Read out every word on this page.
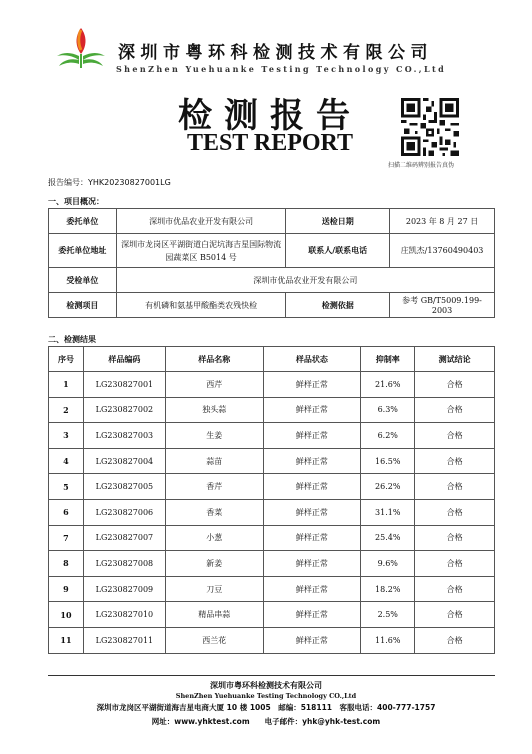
深圳市粤环科检测技术有限公司
ShenZhen Yuehuanke Testing Technology CO.,Ltd
检测报告
TEST REPORT
扫描二维码辨别报告真伪
报告编号：YHK20230827001LG
一、项目概况：
委托单位	深圳市优品农业开发有限公司	送检日期	2023 年 8 月 27 日
委托单位地址	深圳市龙岗区平湖街道白泥坑海吉星国际物流园蔬菜区 B5014 号	联系人/联系电话	庄凯杰/13760490403
受检单位	深圳市优品农业开发有限公司		
检测项目	有机磷和氨基甲酸酯类农残快检	检测依据	参考 GB/T5009.199-2003
二、检测结果
序号	样品编码	样品名称	样品状态	抑制率	测试结论
1	LG230827001	西芹	鲜样正常	21.6%	合格
2	LG230827002	独头蒜	鲜样正常	6.3%	合格
3	LG230827003	生姜	鲜样正常	6.2%	合格
4	LG230827004	蒜苗	鲜样正常	16.5%	合格
5	LG230827005	香芹	鲜样正常	26.2%	合格
6	LG230827006	香菜	鲜样正常	31.1%	合格
7	LG230827007	小葱	鲜样正常	25.4%	合格
8	LG230827008	新姜	鲜样正常	9.6%	合格
9	LG230827009	刀豆	鲜样正常	18.2%	合格
10	LG230827010	精品串蒜	鲜样正常	2.5%	合格
11	LG230827011	西兰花	鲜样正常	11.6%	合格
深圳市粤环科检测技术有限公司
ShenZhen Yuehuanke Testing Technology CO.,Ltd
深圳市龙岗区平湖街道海吉星电商大厦 10 楼 1005　邮编：518111　客服电话：400-777-1757
网址：www.yhktest.com　　电子邮件：yhk@yhk-test.com
